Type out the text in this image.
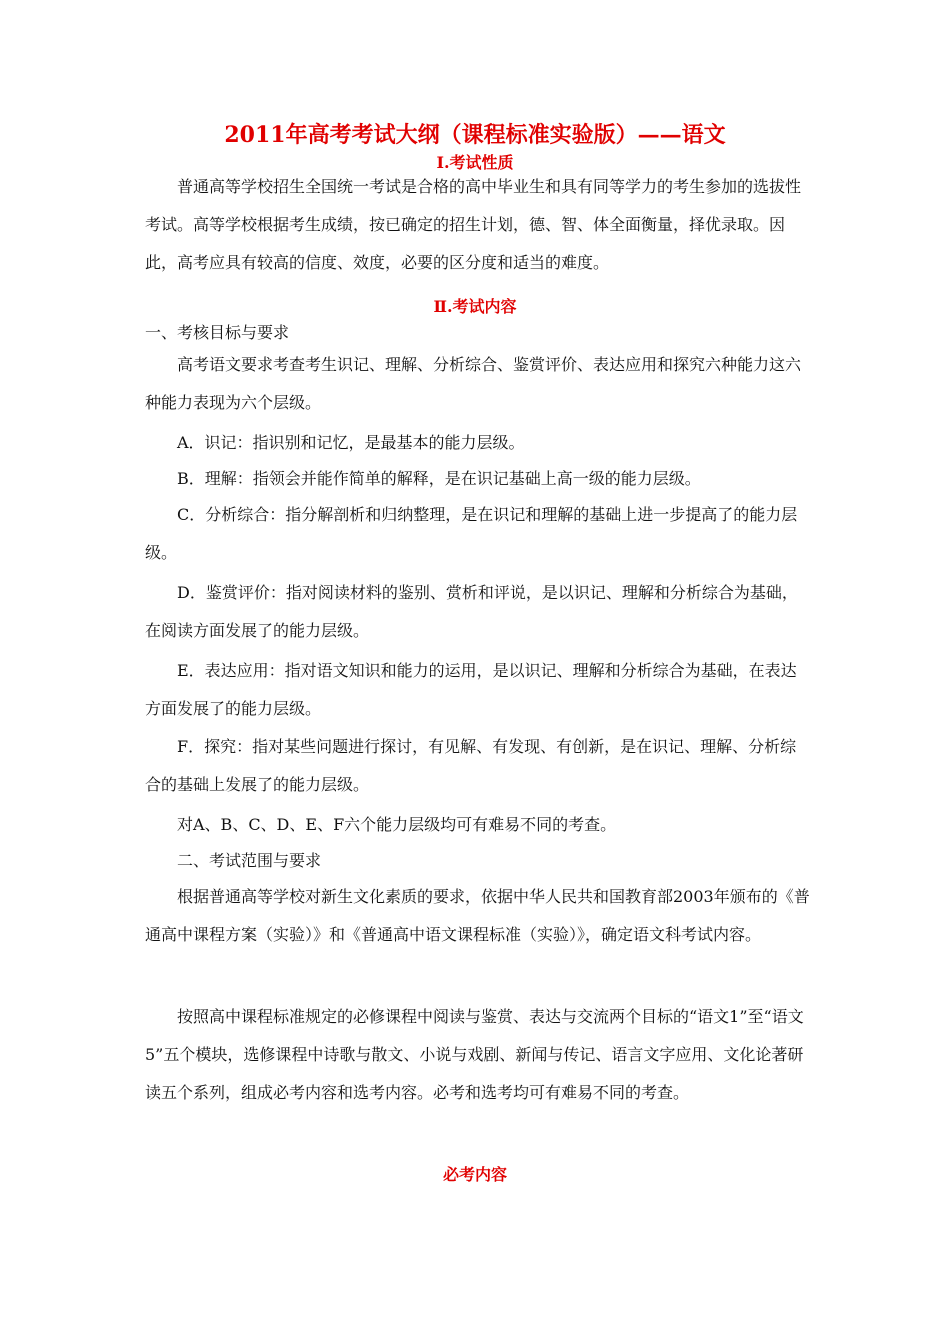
2011年高考考试大纲（课程标准实验版）——语文
Ⅰ.考试性质
普通高等学校招生全国统一考试是合格的高中毕业生和具有同等学力的考生参加的选拔性考试。高等学校根据考生成绩，按已确定的招生计划，德、智、体全面衡量，择优录取。因此，高考应具有较高的信度、效度，必要的区分度和适当的难度。
Ⅱ.考试内容
一、考核目标与要求
高考语文要求考查考生识记、理解、分析综合、鉴赏评价、表达应用和探究六种能力这六种能力表现为六个层级。
A．识记：指识别和记忆，是最基本的能力层级。
B．理解：指领会并能作简单的解释，是在识记基础上高一级的能力层级。
C．分析综合：指分解剖析和归纳整理，是在识记和理解的基础上进一步提高了的能力层级。
D．鉴赏评价：指对阅读材料的鉴别、赏析和评说，是以识记、理解和分析综合为基础，在阅读方面发展了的能力层级。
E．表达应用：指对语文知识和能力的运用，是以识记、理解和分析综合为基础，在表达方面发展了的能力层级。
F．探究：指对某些问题进行探讨，有见解、有发现、有创新，是在识记、理解、分析综合的基础上发展了的能力层级。
对A、B、C、D、E、F六个能力层级均可有难易不同的考查。
二、考试范围与要求
根据普通高等学校对新生文化素质的要求，依据中华人民共和国教育部2003年颁布的《普通高中课程方案（实验）》和《普通高中语文课程标准（实验）》，确定语文科考试内容。
按照高中课程标准规定的必修课程中阅读与鉴赏、表达与交流两个目标的“语文1”至“语文5”五个模块，选修课程中诗歌与散文、小说与戏剧、新闻与传记、语言文字应用、文化论著研读五个系列，组成必考内容和选考内容。必考和选考均可有难易不同的考查。
必考内容
